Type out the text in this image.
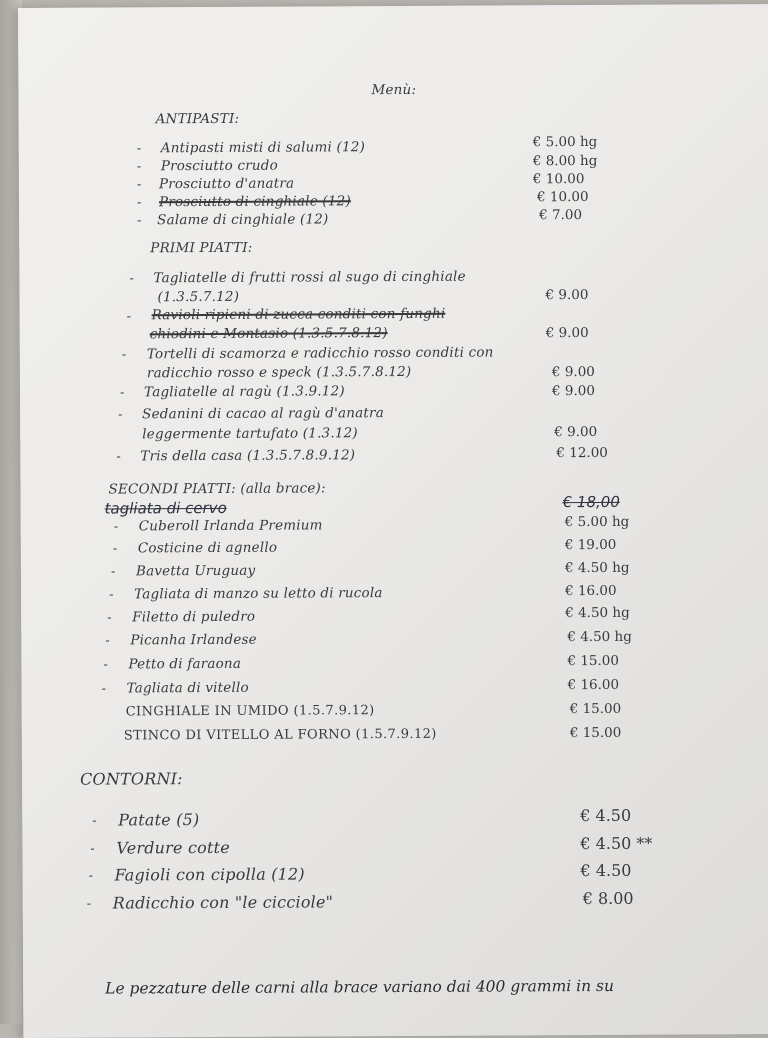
Menù:
ANTIPASTI:
- Antipasti misti di salumi (12)	€ 5.00 hg
- Prosciutto crudo	€ 8.00 hg
- Prosciutto d'anatra	€ 10.00
- Prosciutto di cinghiale (12)	€ 10.00
- Salame di cinghiale (12)	€ 7.00
PRIMI PIATTI:
- Tagliatelle di frutti rossi al sugo di cinghiale
(1.3.5.7.12)	€ 9.00
- Ravioli ripieni di zucca conditi con funghi
chiodini e Montasio (1.3.5.7.8.12)	€ 9.00
- Tortelli di scamorza e radicchio rosso conditi con
radicchio rosso e speck (1.3.5.7.8.12)	€ 9.00
- Tagliatelle al ragù (1.3.9.12)	€ 9.00
- Sedanini di cacao al ragù d'anatra
leggermente tartufato (1.3.12)	€ 9.00
- Tris della casa (1.3.5.7.8.9.12)	€ 12.00
SECONDI PIATTI: (alla brace):
tagliata di cervo	€ 18,00
- Cuberoll Irlanda Premium	€ 5.00 hg
- Costicine di agnello	€ 19.00
- Bavetta Uruguay	€ 4.50 hg
- Tagliata di manzo su letto di rucola	€ 16.00
- Filetto di puledro	€ 4.50 hg
- Picanha Irlandese	€ 4.50 hg
- Petto di faraona	€ 15.00
- Tagliata di vitello	€ 16.00
CINGHIALE IN UMIDO (1.5.7.9.12)	€ 15.00
STINCO DI VITELLO AL FORNO (1.5.7.9.12)	€ 15.00
CONTORNI:
- Patate (5)	€ 4.50
- Verdure cotte	€ 4.50 **
- Fagioli con cipolla (12)	€ 4.50
- Radicchio con "le cicciole"	€ 8.00
Le pezzature delle carni alla brace variano dai 400 grammi in su
